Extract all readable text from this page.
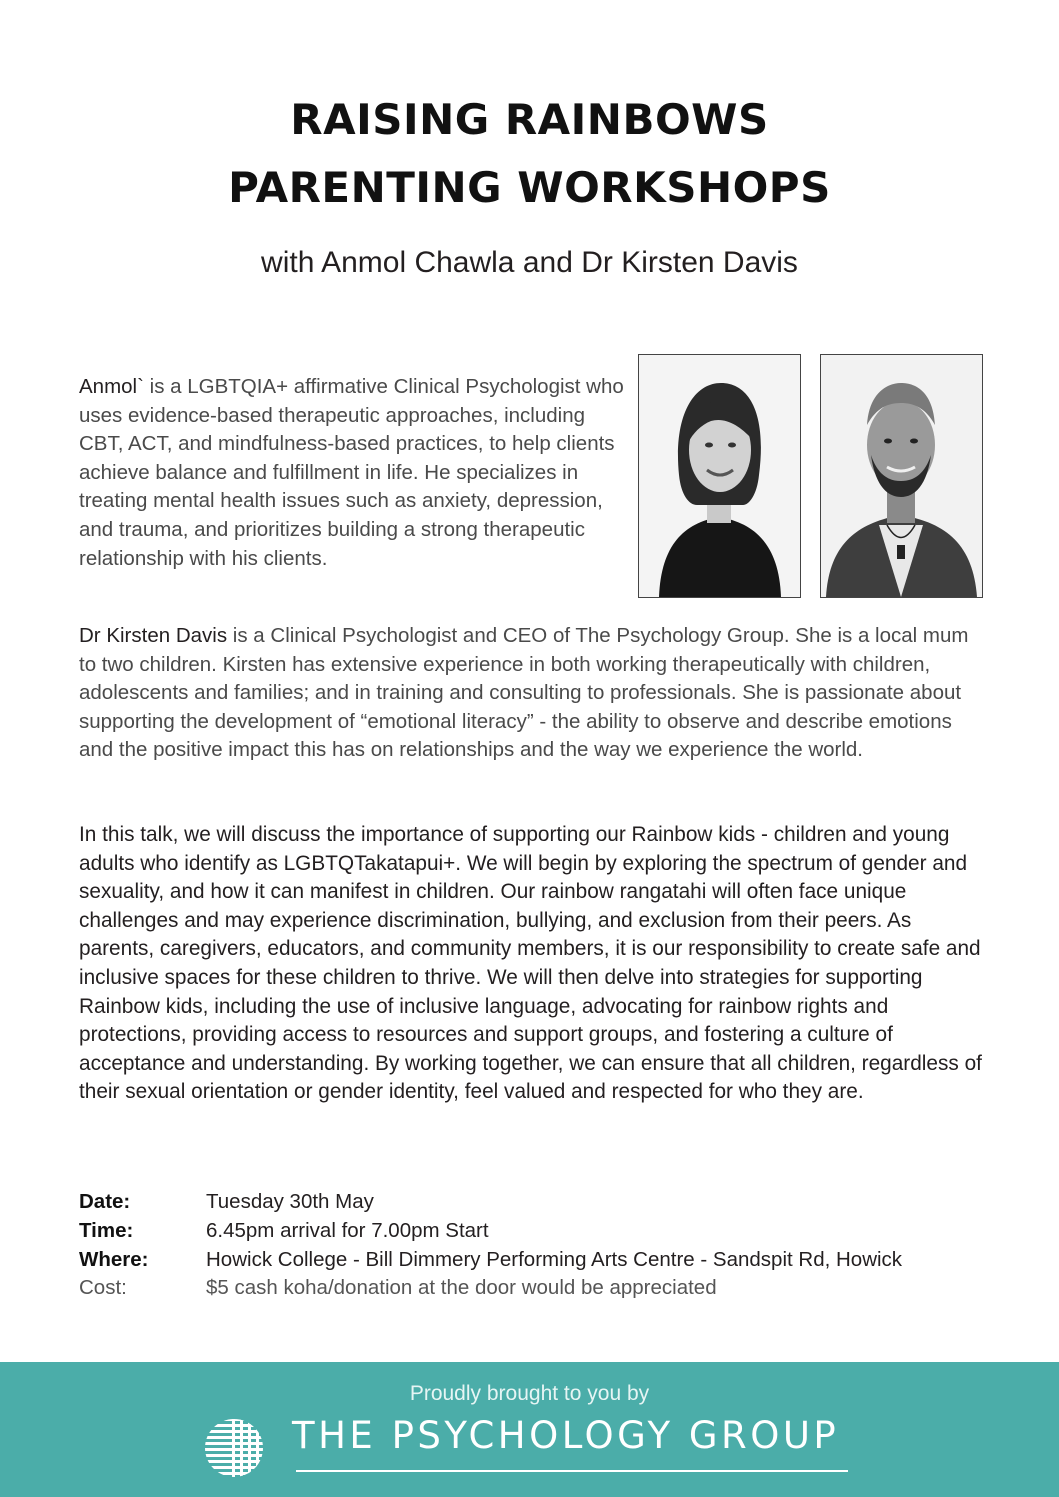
RAISING RAINBOWS
PARENTING WORKSHOPS
with Anmol Chawla and Dr Kirsten Davis

Anmol` is a LGBTQIA+ affirmative Clinical Psychologist who uses evidence-based therapeutic approaches, including CBT, ACT, and mindfulness-based practices, to help clients achieve balance and fulfillment in life. He specializes in treating mental health issues such as anxiety, depression, and trauma, and prioritizes building a strong therapeutic relationship with his clients.

Dr Kirsten Davis is a Clinical Psychologist and CEO of The Psychology Group. She is a local mum to two children. Kirsten has extensive experience in both working therapeutically with children, adolescents and families; and in training and consulting to professionals. She is passionate about supporting the development of “emotional literacy” - the ability to observe and describe emotions and the positive impact this has on relationships and the way we experience the world.

In this talk, we will discuss the importance of supporting our Rainbow kids - children and young adults who identify as LGBTQTakatapui+. We will begin by exploring the spectrum of gender and sexuality, and how it can manifest in children. Our rainbow rangatahi will often face unique challenges and may experience discrimination, bullying, and exclusion from their peers. As parents, caregivers, educators, and community members, it is our responsibility to create safe and inclusive spaces for these children to thrive. We will then delve into strategies for supporting Rainbow kids, including the use of inclusive language, advocating for rainbow rights and protections, providing access to resources and support groups, and fostering a culture of acceptance and understanding. By working together, we can ensure that all children, regardless of their sexual orientation or gender identity, feel valued and respected for who they are.

Date:	Tuesday 30th May
Time:	6.45pm arrival for 7.00pm Start
Where:	Howick College - Bill Dimmery Performing Arts Centre - Sandspit Rd, Howick
Cost:	$5 cash koha/donation at the door would be appreciated
Proudly brought to you by
THE PSYCHOLOGY GROUP
